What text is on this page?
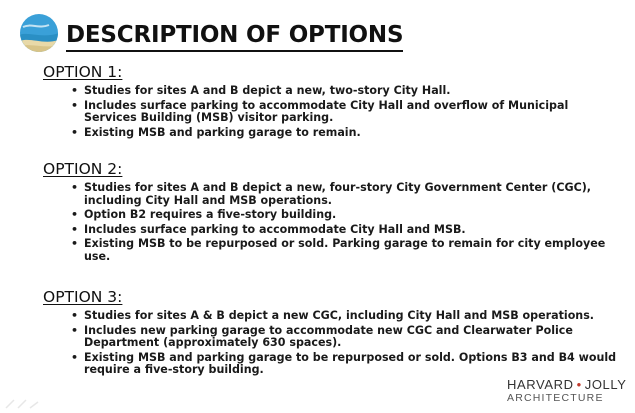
DESCRIPTION OF OPTIONS
OPTION 1:
• Studies for sites A and B depict a new, two-story City Hall.
• Includes surface parking to accommodate City Hall and overflow of Municipal Services Building (MSB) visitor parking.
• Existing MSB and parking garage to remain.
OPTION 2:
• Studies for sites A and B depict a new, four-story City Government Center (CGC), including City Hall and MSB operations.
• Option B2 requires a five-story building.
• Includes surface parking to accommodate City Hall and MSB.
• Existing MSB to be repurposed or sold. Parking garage to remain for city employee use.
OPTION 3:
• Studies for sites A & B depict a new CGC, including City Hall and MSB operations.
• Includes new parking garage to accommodate new CGC and Clearwater Police Department (approximately 630 spaces).
• Existing MSB and parking garage to be repurposed or sold. Options B3 and B4 would require a five-story building.
HARVARD • JOLLY
ARCHITECTURE
